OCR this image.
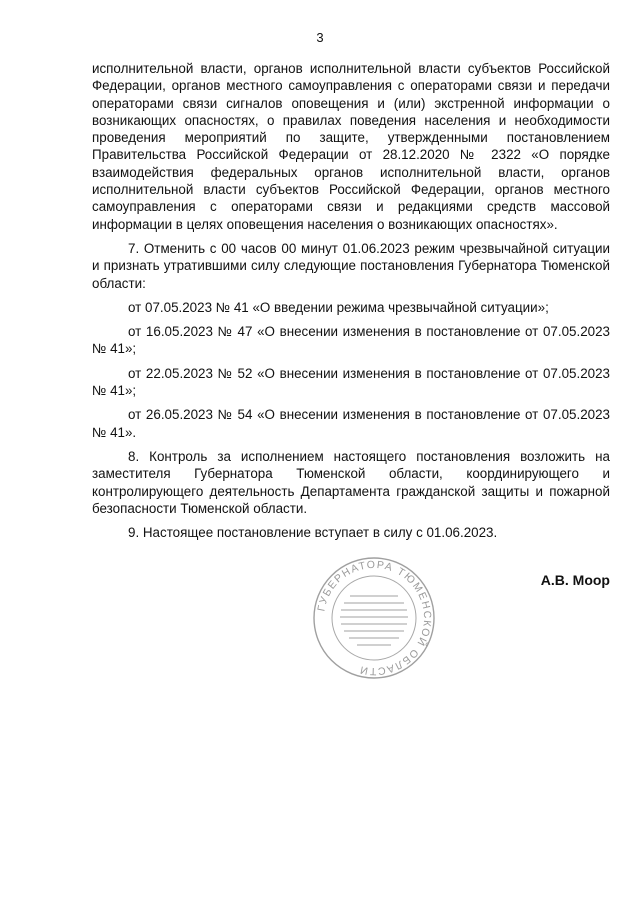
3

исполнительной власти, органов исполнительной власти субъектов Российской Федерации, органов местного самоуправления с операторами связи и передачи операторами связи сигналов оповещения и (или) экстренной информации о возникающих опасностях, о правилах поведения населения и необходимости проведения мероприятий по защите, утвержденными постановлением Правительства Российской Федерации от 28.12.2020 № 2322 «О порядке взаимодействия федеральных органов исполнительной власти, органов исполнительной власти субъектов Российской Федерации, органов местного самоуправления с операторами связи и редакциями средств массовой информации в целях оповещения населения о возникающих опасностях».

7. Отменить с 00 часов 00 минут 01.06.2023 режим чрезвычайной ситуации и признать утратившими силу следующие постановления Губернатора Тюменской области:

от 07.05.2023 № 41 «О введении режима чрезвычайной ситуации»;

от 16.05.2023 № 47 «О внесении изменения в постановление от 07.05.2023 № 41»;

от 22.05.2023 № 52 «О внесении изменения в постановление от 07.05.2023 № 41»;

от 26.05.2023 № 54 «О внесении изменения в постановление от 07.05.2023 № 41».

8. Контроль за исполнением настоящего постановления возложить на заместителя Губернатора Тюменской области, координирующего и контролирующего деятельность Департамента гражданской защиты и пожарной безопасности Тюменской области.

9. Настоящее постановление вступает в силу с 01.06.2023.

ГУБЕРНАТОРА ТЮМЕНСКОЙ ОБЛАСТИ
А.В. Моор
